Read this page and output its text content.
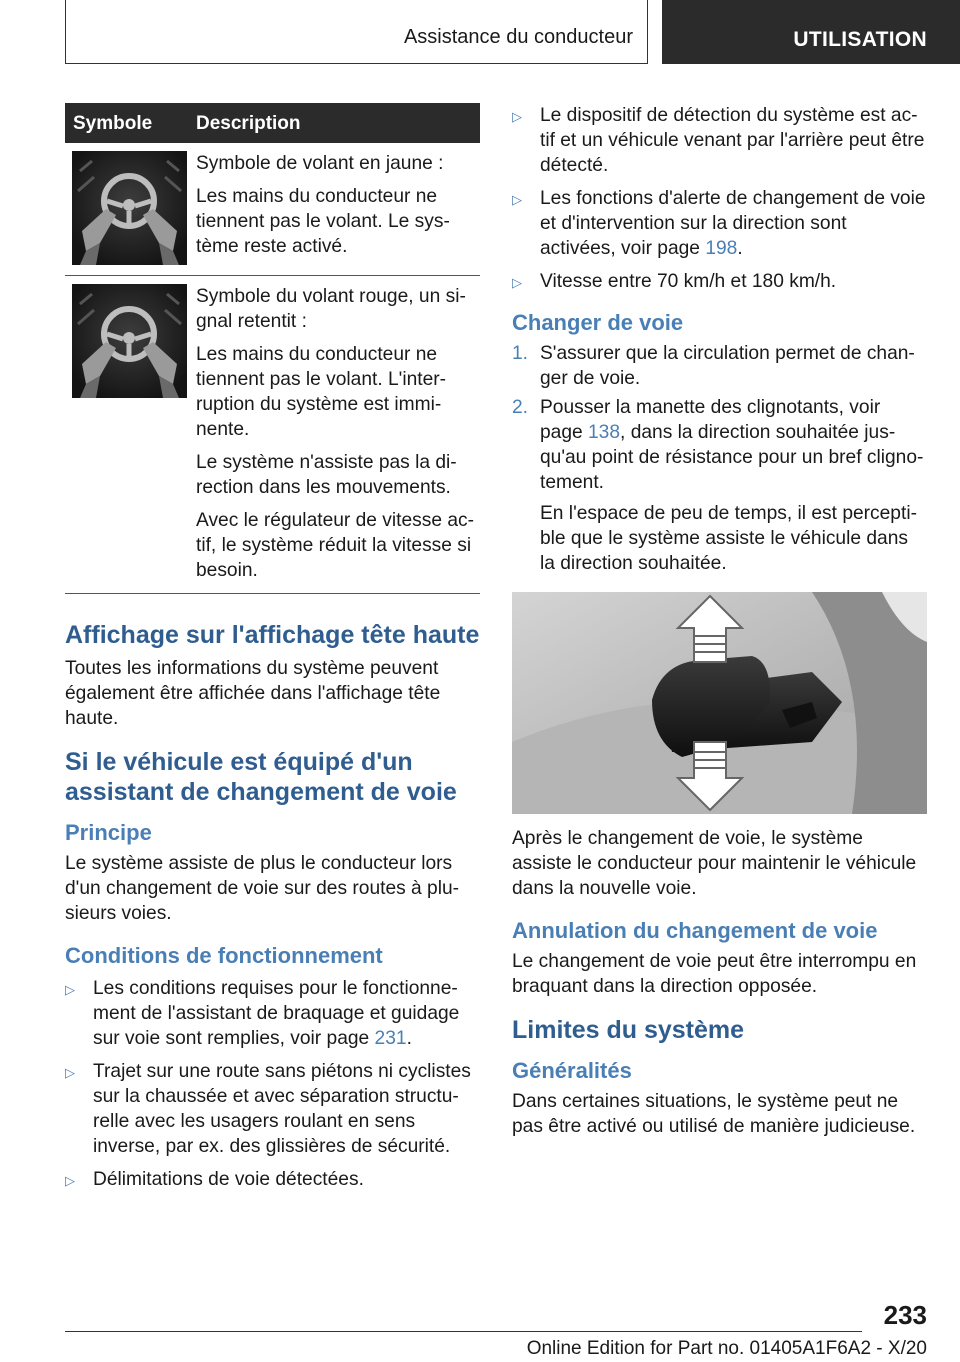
Assistance du conducteur	UTILISATION
Symbole Description

Symbole de volant en jaune :

Les mains du conducteur ne tiennent pas le volant. Le sys-tème reste activé.

Symbole du volant rouge, un si-gnal retentit :

Les mains du conducteur ne tiennent pas le volant. L'inter-ruption du système est immi-nente.

Le système n'assiste pas la di-rection dans les mouvements.

Avec le régulateur de vitesse ac-tif, le système réduit la vitesse si besoin.

Affichage sur l'affichage tête haute

Toutes les informations du système peuvent également être affichée dans l'affichage tête haute.

Si le véhicule est équipé d'un assistant de changement de voie
Principe

Le système assiste de plus le conducteur lors d'un changement de voie sur des routes à plu-sieurs voies.

Conditions de fonctionnement
▷ Les conditions requises pour le fonctionne-ment de l'assistant de braquage et guidage sur voie sont remplies, voir page 231.
▷ Trajet sur une route sans piétons ni cyclistes sur la chaussée et avec séparation structu-relle avec les usagers roulant en sens inverse, par ex. des glissières de sécurité.
▷ Délimitations de voie détectées.
▷ Le dispositif de détection du système est ac-tif et un véhicule venant par l'arrière peut être détecté.
▷ Les fonctions d'alerte de changement de voie et d'intervention sur la direction sont activées, voir page 198.
▷ Vitesse entre 70 km/h et 180 km/h.
Changer de voie
1. S'assurer que la circulation permet de chan-ger de voie.
2. Pousser la manette des clignotants, voir page 138, dans la direction souhaitée jus-qu'au point de résistance pour un bref cligno-tement.
En l'espace de peu de temps, il est percepti-ble que le système assiste le véhicule dans la direction souhaitée.

Après le changement de voie, le système assiste le conducteur pour maintenir le véhicule dans la nouvelle voie.

Annulation du changement de voie

Le changement de voie peut être interrompu en braquant dans la direction opposée.

Limites du système
Généralités

Dans certaines situations, le système peut ne pas être activé ou utilisé de manière judicieuse.

233
Online Edition for Part no. 01405A1F6A2 - X/20
